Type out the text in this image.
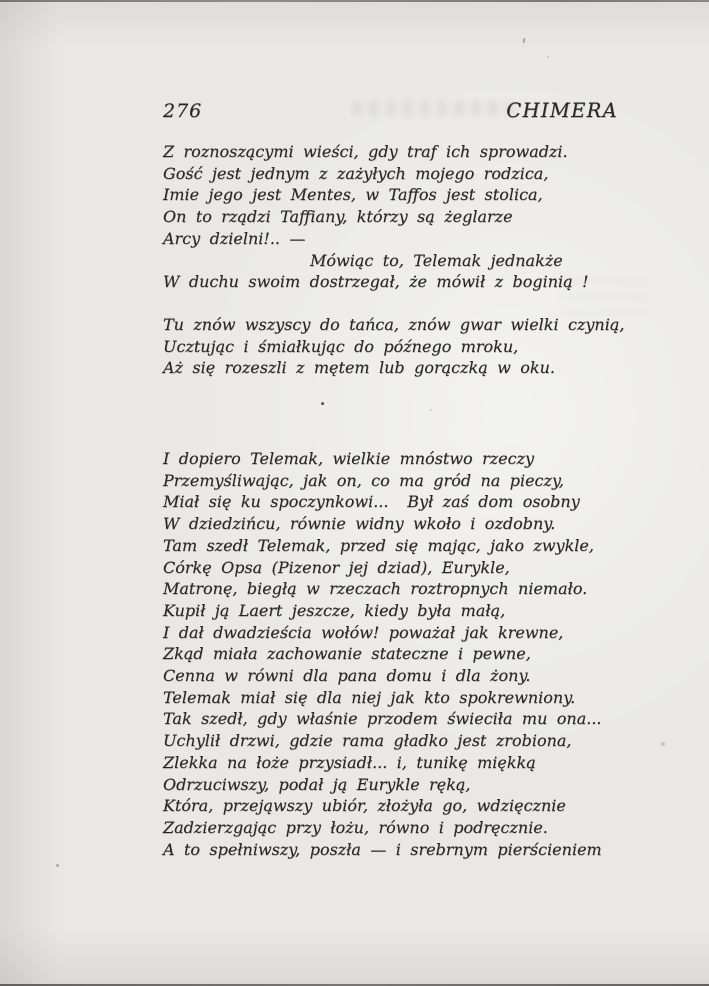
276	CHIMERA
Z roznoszącymi wieści, gdy traf ich sprowadzi.
Gość jest jednym z zażyłych mojego rodzica,
Imie jego jest Mentes, w Taffos jest stolica,
On to rządzi Taffiany, którzy są żeglarze
Arcy dzielni!.. —
Mówiąc to, Telemak jednakże
W duchu swoim dostrzegał, że mówił z boginią !
Tu znów wszyscy do tańca, znów gwar wielki czynią,
Ucztując i śmiałkując do późnego mroku,
Aż się rozeszli z mętem lub gorączką w oku.
I dopiero Telemak, wielkie mnóstwo rzeczy
Przemyśliwając, jak on, co ma gród na pieczy,
Miał się ku spoczynkowi...  Był zaś dom osobny
W dziedzińcu, równie widny wkoło i ozdobny.
Tam szedł Telemak, przed się mając, jako zwykle,
Córkę Opsa (Pizenor jej dziad), Eurykle,
Matronę, biegłą w rzeczach roztropnych niemało.
Kupił ją Laert jeszcze, kiedy była małą,
I dał dwadzieścia wołów! poważał jak krewne,
Zkąd miała zachowanie stateczne i pewne,
Cenna w równi dla pana domu i dla żony.
Telemak miał się dla niej jak kto spokrewniony.
Tak szedł, gdy właśnie przodem świeciła mu ona...
Uchylił drzwi, gdzie rama gładko jest zrobiona,
Zlekka na łoże przysiadł... i, tunikę miękką
Odrzuciwszy, podał ją Eurykle ręką,
Która, przejąwszy ubiór, złożyła go, wdzięcznie
Zadzierzgając przy łożu, równo i podręcznie.
A to spełniwszy, poszła — i srebrnym pierścieniem
.
